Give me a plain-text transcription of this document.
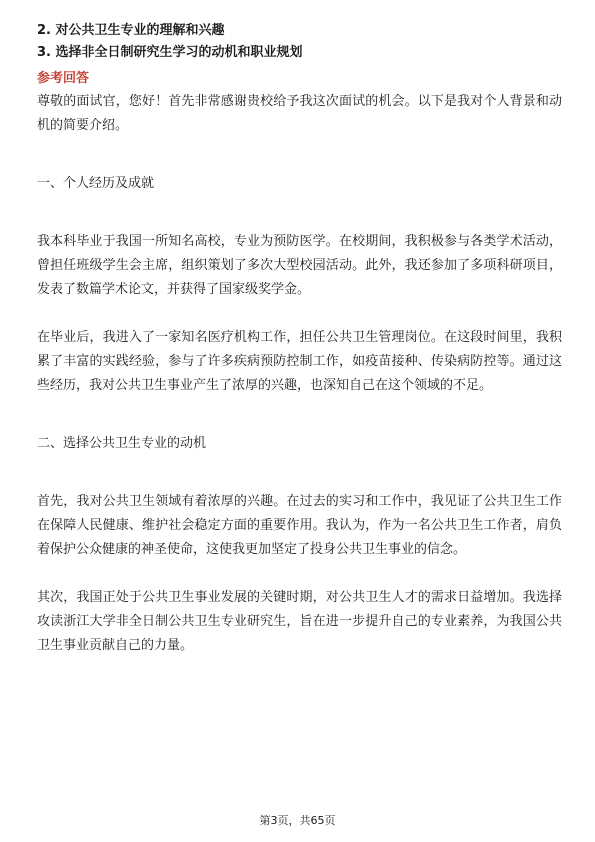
2. 对公共卫生专业的理解和兴趣
3. 选择非全日制研究生学习的动机和职业规划
参考回答

尊敬的面试官，您好！首先非常感谢贵校给予我这次面试的机会。以下是我对个人背景和动机的简要介绍。

一、个人经历及成就

我本科毕业于我国一所知名高校，专业为预防医学。在校期间，我积极参与各类学术活动，曾担任班级学生会主席，组织策划了多次大型校园活动。此外，我还参加了多项科研项目，发表了数篇学术论文，并获得了国家级奖学金。

在毕业后，我进入了一家知名医疗机构工作，担任公共卫生管理岗位。在这段时间里，我积累了丰富的实践经验，参与了许多疾病预防控制工作，如疫苗接种、传染病防控等。通过这些经历，我对公共卫生事业产生了浓厚的兴趣，也深知自己在这个领域的不足。

二、选择公共卫生专业的动机

首先，我对公共卫生领域有着浓厚的兴趣。在过去的实习和工作中，我见证了公共卫生工作在保障人民健康、维护社会稳定方面的重要作用。我认为，作为一名公共卫生工作者，肩负着保护公众健康的神圣使命，这使我更加坚定了投身公共卫生事业的信念。

其次，我国正处于公共卫生事业发展的关键时期，对公共卫生人才的需求日益增加。我选择攻读浙江大学非全日制公共卫生专业研究生，旨在进一步提升自己的专业素养，为我国公共卫生事业贡献自己的力量。

第3页，共65页
